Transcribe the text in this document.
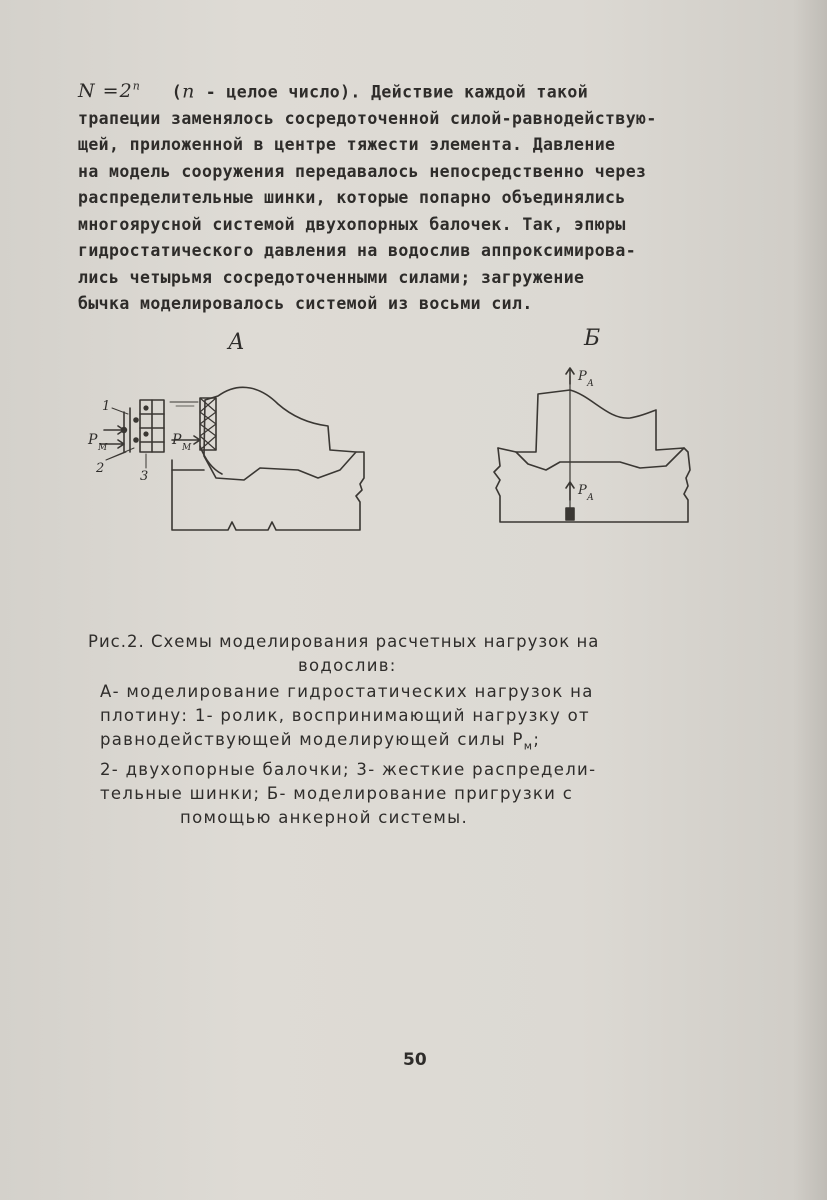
$N =2^n$ (n - целое число). Действие каждой такой
трапеции заменялось сосредоточенной силой-равнодействую-
щей, приложенной в центре тяжести элемента. Давление
на модель сооружения передавалось непосредственно через
распределительные шинки, которые попарно объединялись
многоярусной системой двухопорных балочек. Так, эпюры
гидростатического давления на водослив аппроксимирова-
лись четырьмя сосредоточенными силами; загружение
бычка моделировалось системой из восьми сил.
А	Б
1
2
3
P М	P М
P А
P А
Рис.2. Схемы моделирования расчетных нагрузок на
водослив:
А- моделирование гидростатических нагрузок на
плотину: 1- ролик, воспринимающий нагрузку от
равнодействующей моделирующей силы $Р_м$;
2- двухопорные балочки; 3- жесткие распредели-
тельные шинки; Б- моделирование пригрузки с
помощью анкерной системы.
50
